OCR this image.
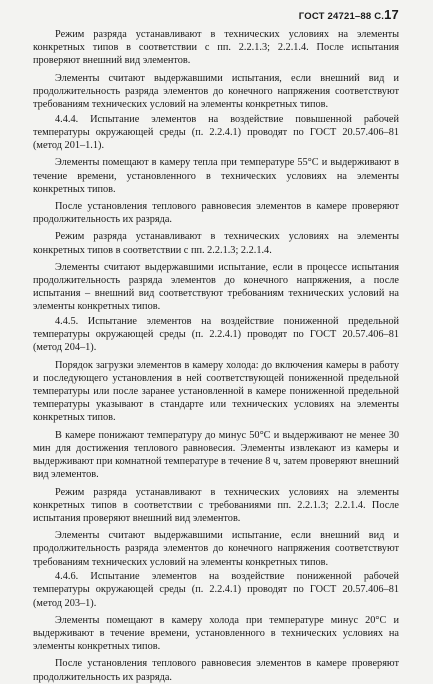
ГОСТ 24721–88 С.17

Режим разряда устанавливают в технических условиях на элементы конкретных типов в соответствии с пп. 2.2.1.3; 2.2.1.4. После испытания проверяют внешний вид элементов.

Элементы считают выдержавшими испытания, если внешний вид и продолжительность разряда элементов до конечного напряжения соответствуют требованиям технических условий на элементы конкретных типов.

4.4.4. Испытание элементов на воздействие повышенной рабочей температуры окружающей среды (п. 2.2.4.1) проводят по ГОСТ 20.57.406–81 (метод 201–1.1).

Элементы помещают в камеру тепла при температуре 55°С и выдерживают в течение времени, установленного в технических условиях на элементы конкретных типов.

После установления теплового равновесия элементов в камере проверяют продолжительность их разряда.

Режим разряда устанавливают в технических условиях на элементы конкретных типов в соответствии с пп. 2.2.1.3; 2.2.1.4.

Элементы считают выдержавшими испытание, если в процессе испытания продолжительность разряда элементов до конечного напряжения, а после испытания – внешний вид соответствуют требованиям технических условий на элементы конкретных типов.

4.4.5. Испытание элементов на воздействие пониженной предельной температуры окружающей среды (п. 2.2.4.1) проводят по ГОСТ 20.57.406–81 (метод 204–1).

Порядок загрузки элементов в камеру холода: до включения камеры в работу и последующего установления в ней соответствующей пониженной предельной температуры или после заранее установленной в камере пониженной предельной температуры указывают в стандарте или технических условиях на элементы конкретных типов.

В камере понижают температуру до минус 50°С и выдерживают не менее 30 мин для достижения теплового равновесия. Элементы извлекают из камеры и выдерживают при комнатной температуре в течение 8 ч, затем проверяют внешний вид элементов.

Режим разряда устанавливают в технических условиях на элементы конкретных типов в соответствии с требованиями пп. 2.2.1.3; 2.2.1.4. После испытания проверяют внешний вид элементов.

Элементы считают выдержавшими испытание, если внешний вид и продолжительность разряда элементов до конечного напряжения соответствуют требованиям технических условий на элементы конкретных типов.

4.4.6. Испытание элементов на воздействие пониженной рабочей температуры окружающей среды (п. 2.2.4.1) проводят по ГОСТ 20.57.406–81 (метод 203–1).

Элементы помещают в камеру холода при температуре минус 20°С и выдерживают в течение времени, установленного в технических условиях на элементы конкретных типов.

После установления теплового равновесия элементов в камере проверяют продолжительность их разряда.
